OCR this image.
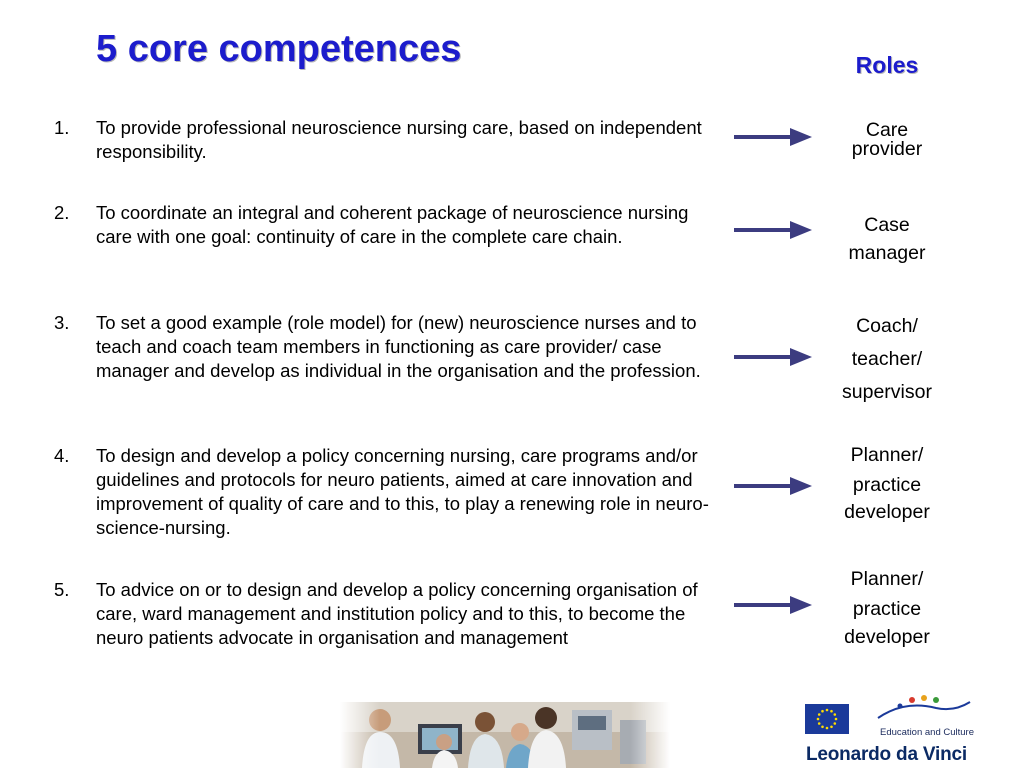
5 core competences	Roles
1. To provide professional neuroscience nursing care, based on independent responsibility.
2. To coordinate an integral and coherent package of neuroscience nursing care with one goal: continuity of care in the complete care chain.
3. To set a good example (role model) for (new) neuroscience nurses and to teach and coach team members in functioning as care provider/ case manager and develop as individual in the organisation and the profession.
4. To design and develop a policy concerning nursing, care programs and/or guidelines and protocols for neuro patients, aimed at care innovation and improvement of quality of care and to this, to play a renewing role in neuro-science-nursing.
5. To advice on or to design and develop a policy concerning organisation of care, ward management and institution policy and to this, to become the neuro patients advocate in organisation and management
Care
provider
Case
manager
Coach/
teacher/
supervisor
Planner/
practice
developer
Planner/
practice
developer
Education and Culture
Leonardo da Vinci
